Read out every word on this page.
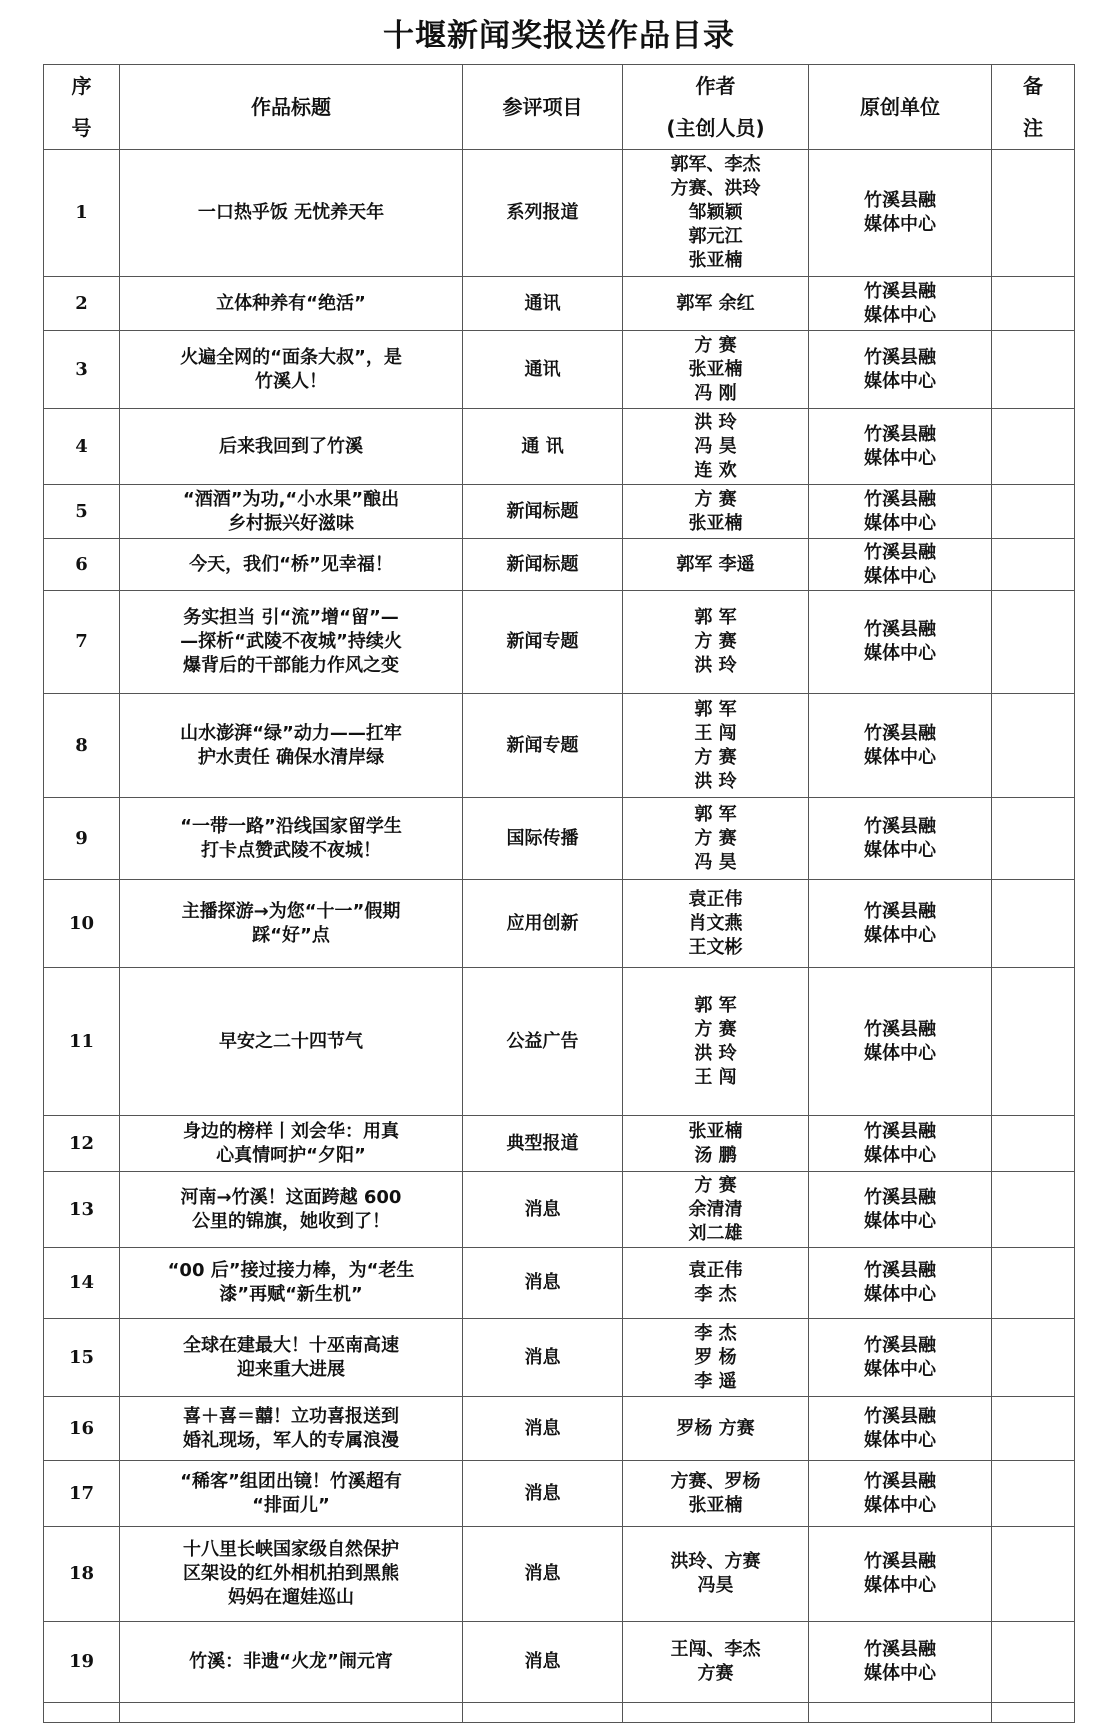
十堰新闻奖报送作品目录
序
号	作品标题	参评项目	作者
(主创人员)	原创单位	备
注

1	一口热乎饭 无忧养天年	系列报道	郭军、李杰
方赛、洪玲
邹颖颖
郭元江
张亚楠	竹溪县融
媒体中心	

2	立体种养有“绝活”	通讯	郭军 余红	竹溪县融
媒体中心	

3	火遍全网的“面条大叔”，是
竹溪人！	通讯	方 赛
张亚楠
冯 刚	竹溪县融
媒体中心	

4	后来我回到了竹溪	通 讯	洪 玲
冯 昊
连 欢	竹溪县融
媒体中心	

5	“酒酒”为功,“小水果”酿出
乡村振兴好滋味	新闻标题	方 赛
张亚楠	竹溪县融
媒体中心	

6	今天，我们“桥”见幸福！	新闻标题	郭军 李遥	竹溪县融
媒体中心	

7	务实担当 引“流”增“留”—
—探析“武陵不夜城”持续火
爆背后的干部能力作风之变	新闻专题	郭 军
方 赛
洪 玲	竹溪县融
媒体中心	

8	山水澎湃“绿”动力——扛牢
护水责任 确保水清岸绿	新闻专题	郭 军
王 闯
方 赛
洪 玲	竹溪县融
媒体中心	

9	“一带一路”沿线国家留学生
打卡点赞武陵不夜城！	国际传播	郭 军
方 赛
冯 昊	竹溪县融
媒体中心	

10	主播探游→为您“十一”假期
踩“好”点	应用创新	袁正伟
肖文燕
王文彬	竹溪县融
媒体中心	

11	早安之二十四节气	公益广告	郭 军
方 赛
洪 玲
王 闯	竹溪县融
媒体中心	

12	身边的榜样丨刘会华：用真
心真情呵护“夕阳”	典型报道	张亚楠
汤 鹏	竹溪县融
媒体中心	

13	河南→竹溪！这面跨越 600
公里的锦旗，她收到了！	消息	方 赛
余清清
刘二雄	竹溪县融
媒体中心	

14	“00 后”接过接力棒，为“老生
漆”再赋“新生机”	消息	袁正伟
李 杰	竹溪县融
媒体中心	

15	全球在建最大！十巫南高速
迎来重大进展	消息	李 杰
罗 杨
李 遥	竹溪县融
媒体中心	

16	喜＋喜＝囍！立功喜报送到
婚礼现场，军人的专属浪漫	消息	罗杨 方赛	竹溪县融
媒体中心	

17	“稀客”组团出镜！竹溪超有
“排面儿”	消息	方赛、罗杨
张亚楠	竹溪县融
媒体中心	

18	十八里长峡国家级自然保护
区架设的红外相机拍到黑熊
妈妈在遛娃巡山	消息	洪玲、方赛
冯昊	竹溪县融
媒体中心	

19	竹溪：非遗“火龙”闹元宵	消息	王闯、李杰
方赛	竹溪县融
媒体中心	
